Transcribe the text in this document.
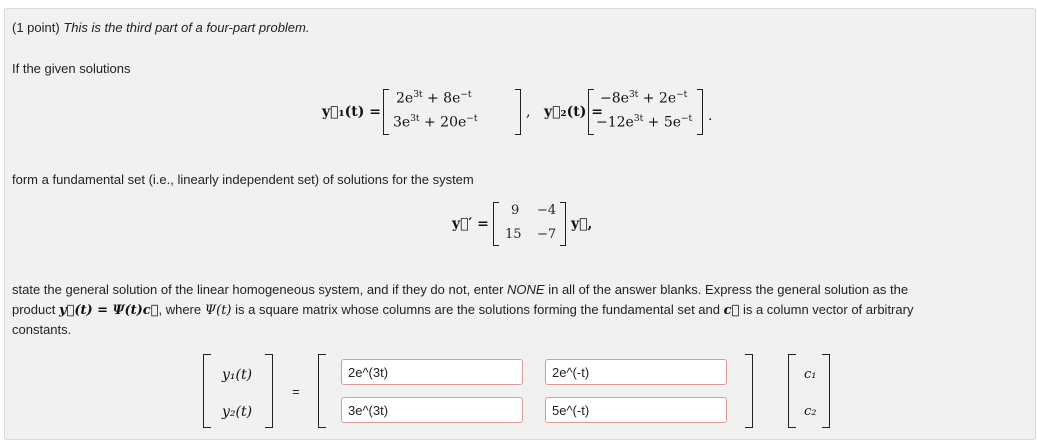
(1 point) This is the third part of a four-part problem.
If the given solutions
y⃗₁(t) =
$2e^{3t} + 8e^{-t}$
$3e^{3t} + 20e^{-t}$	, y⃗₂(t) =
$-8e^{3t} + 2e^{-t}$
$-12e^{3t} + 5e^{-t}$ .
form a fundamental set (i.e., linearly independent set) of solutions for the system
y⃗′ =
9 −4
15 −7
y⃗,
state the general solution of the linear homogeneous system, and if they do not, enter NONE in all of the answer blanks. Express the general solution as the
product y⃗(t) = Ψ(t)c⃗, where Ψ(t) is a square matrix whose columns are the solutions forming the fundamental set and c⃗ is a column vector of arbitrary
constants.
y₁(t)
y₂(t)
=
2e^(3t)
2e^(-t)
3e^(3t)
5e^(-t)
c₁
c₂
